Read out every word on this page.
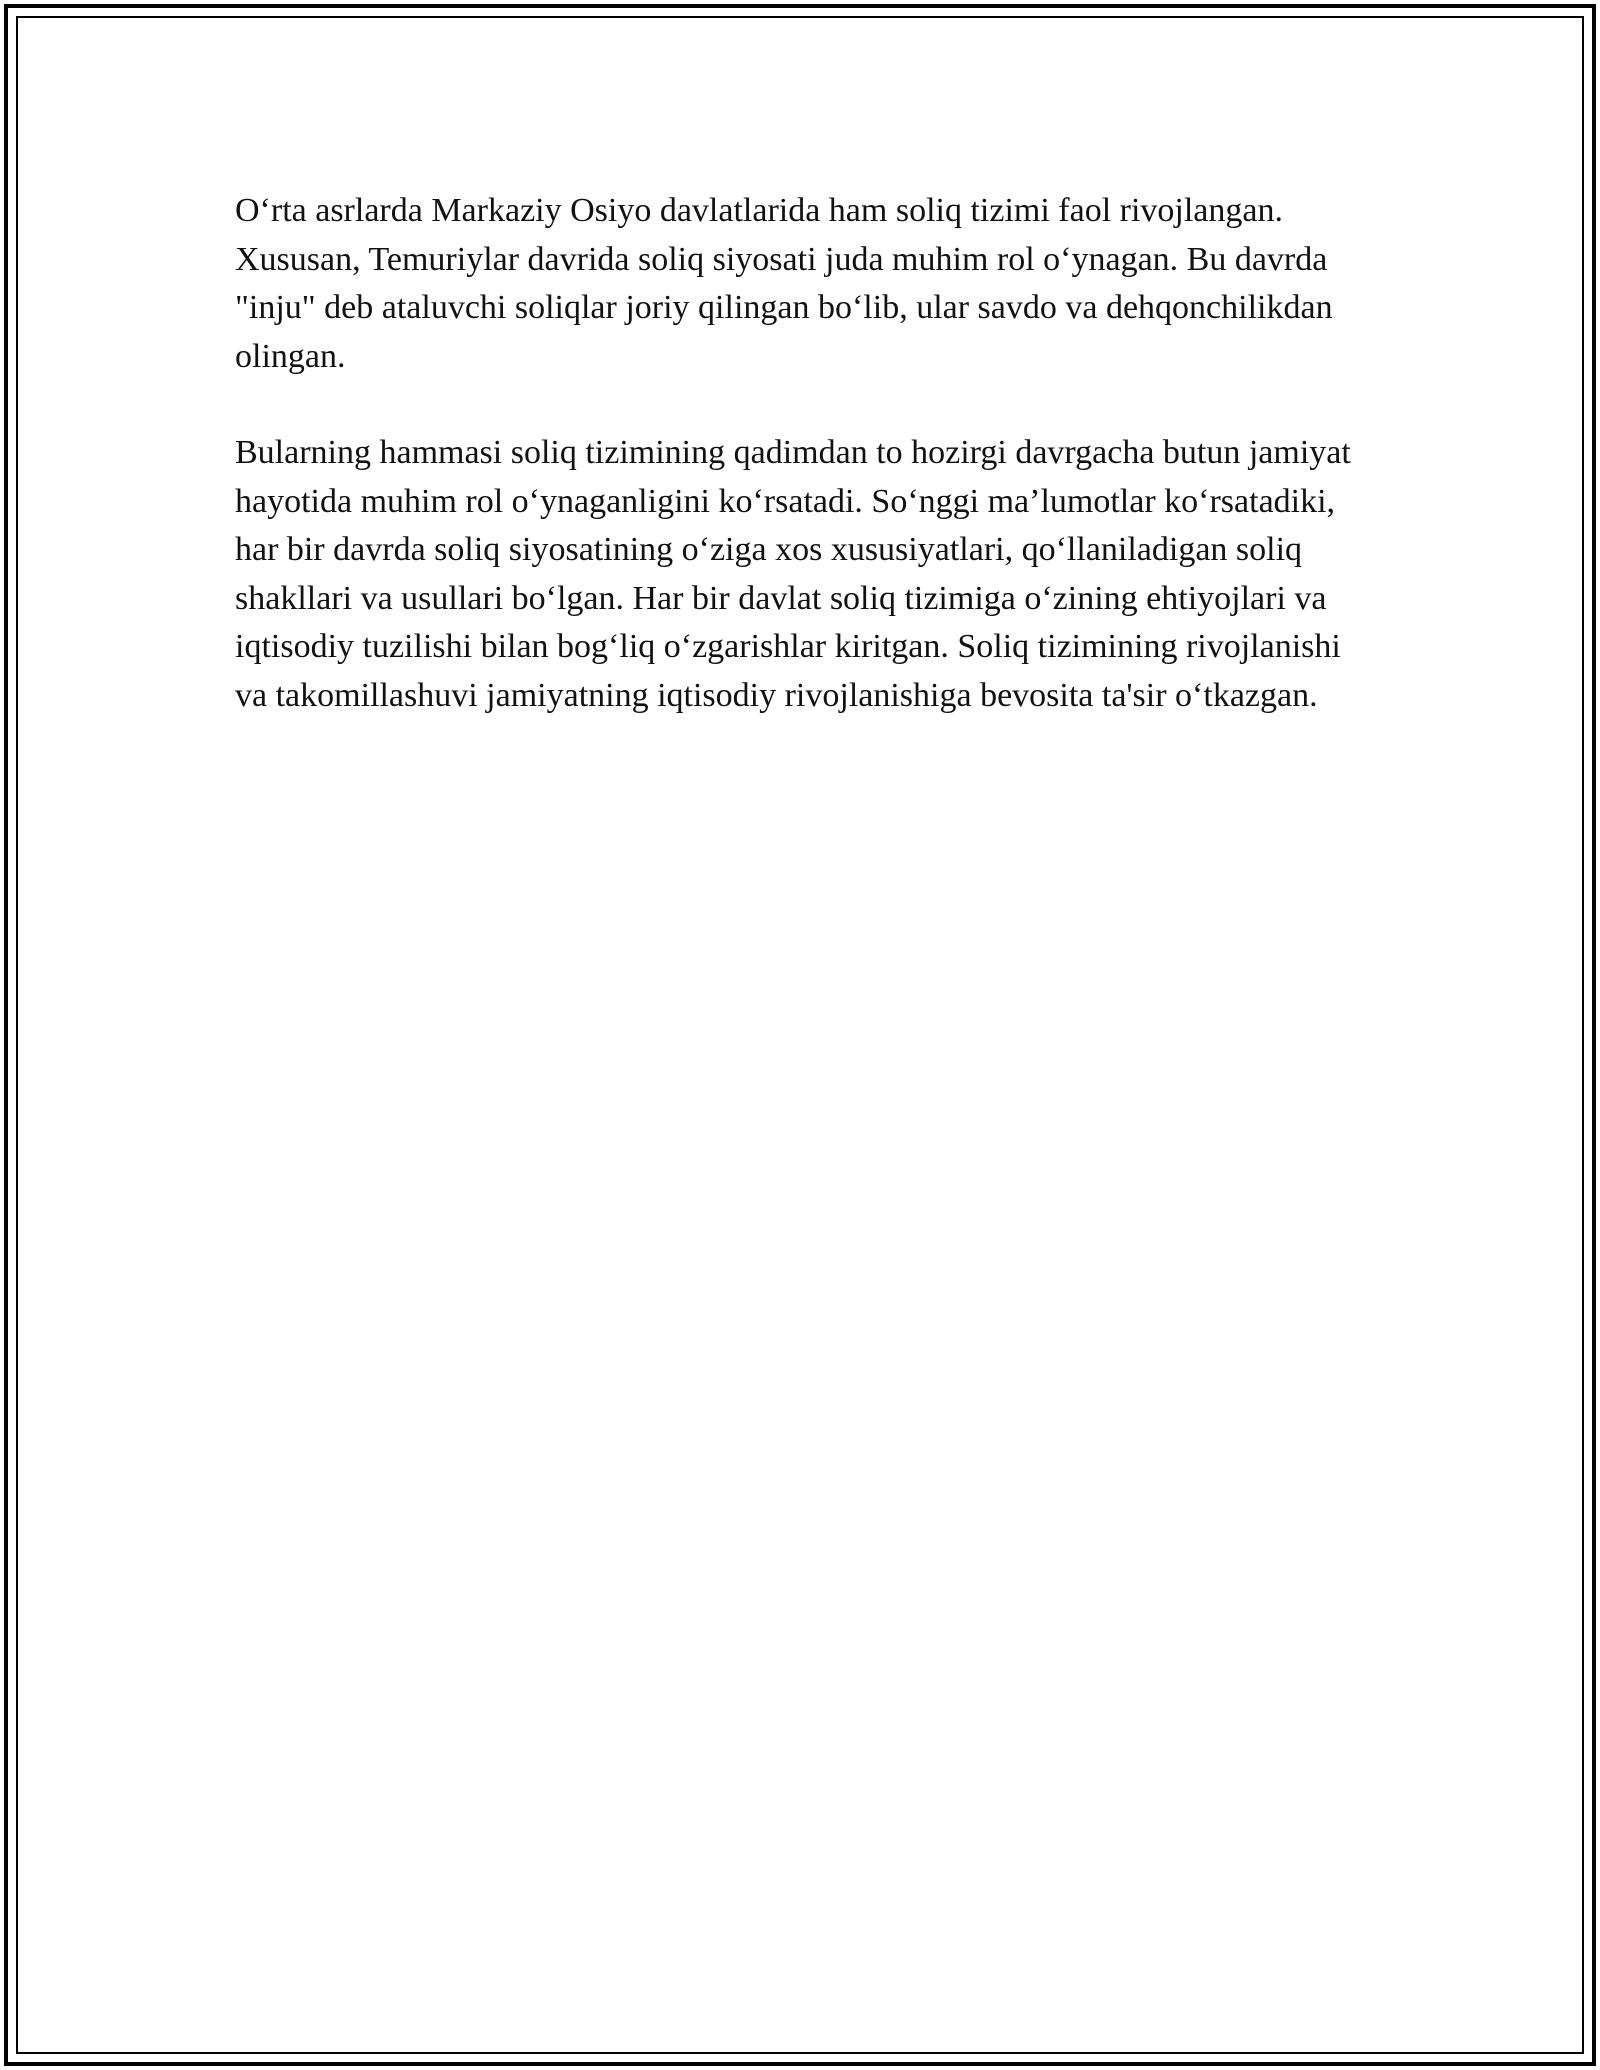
O‘rta asrlarda Markaziy Osiyo davlatlarida ham soliq tizimi faol rivojlangan. Xususan, Temuriylar davrida soliq siyosati juda muhim rol o‘ynagan. Bu davrda "inju" deb ataluvchi soliqlar joriy qilingan bo‘lib, ular savdo va dehqonchilikdan olingan.

Bularning hammasi soliq tizimining qadimdan to hozirgi davrgacha butun jamiyat hayotida muhim rol o‘ynaganligini ko‘rsatadi. So‘nggi ma’lumotlar ko‘rsatadiki, har bir davrda soliq siyosatining o‘ziga xos xususiyatlari, qo‘llaniladigan soliq shakllari va usullari bo‘lgan. Har bir davlat soliq tizimiga o‘zining ehtiyojlari va iqtisodiy tuzilishi bilan bog‘liq o‘zgarishlar kiritgan. Soliq tizimining rivojlanishi va takomillashuvi jamiyatning iqtisodiy rivojlanishiga bevosita ta'sir o‘tkazgan.
